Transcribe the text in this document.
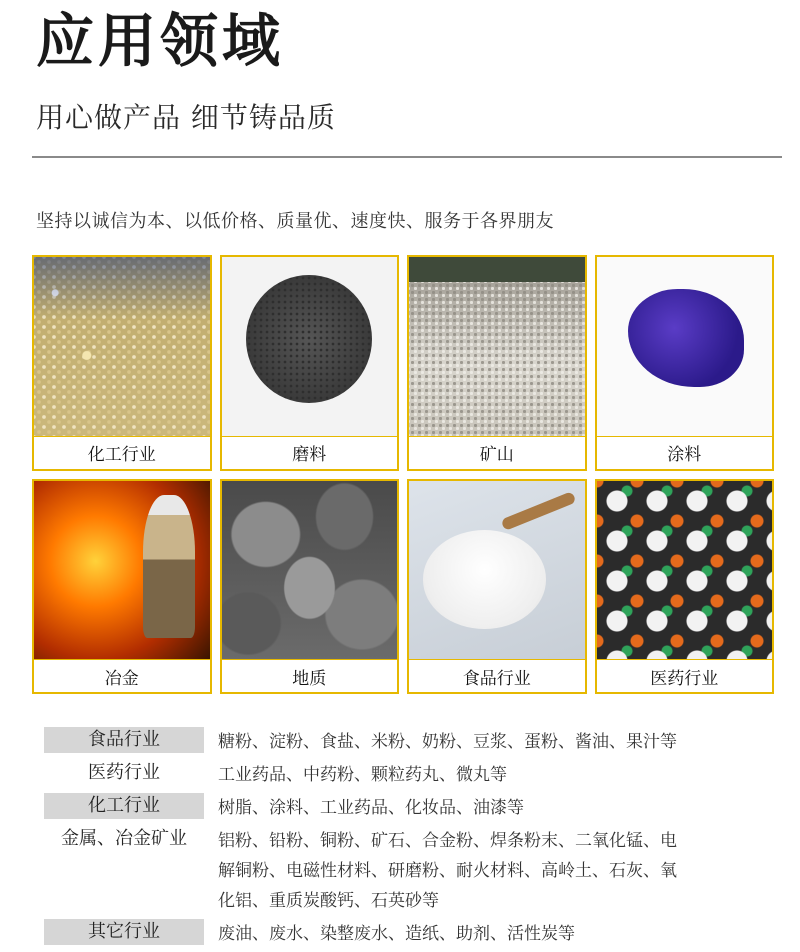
应用领域
用心做产品 细节铸品质
坚持以诚信为本、以低价格、质量优、速度快、服务于各界朋友
化工行业	磨料	矿山	涂料
冶金	地质	食品行业	医药行业
食品行业	糖粉、淀粉、食盐、米粉、奶粉、豆浆、蛋粉、酱油、果汁等
医药行业	工业药品、中药粉、颗粒药丸、微丸等
化工行业	树脂、涂料、工业药品、化妆品、油漆等
金属、冶金矿业	铝粉、铅粉、铜粉、矿石、合金粉、焊条粉末、二氧化锰、电
解铜粉、电磁性材料、研磨粉、耐火材料、高岭土、石灰、氧
化铝、重质炭酸钙、石英砂等
其它行业	废油、废水、染整废水、造纸、助剂、活性炭等
